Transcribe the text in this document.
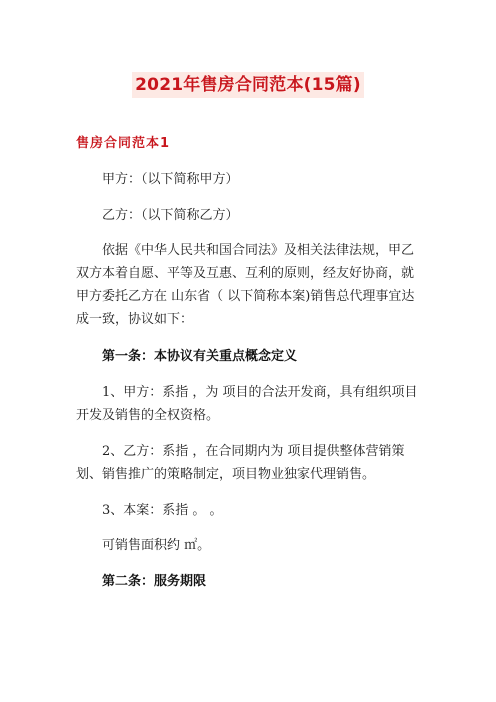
2021年售房合同范本(15篇)
售房合同范本1

甲方：（以下简称甲方）

乙方：（以下简称乙方）

依据《中华人民共和国合同法》及相关法律法规，甲乙双方本着自愿、平等及互惠、互利的原则，经友好协商，就甲方委托乙方在 山东省（ 以下简称本案)销售总代理事宜达成一致，协议如下：

第一条：本协议有关重点概念定义

1、甲方：系指 ，为 项目的合法开发商，具有组织项目开发及销售的全权资格。

2、乙方：系指 ，在合同期内为 项目提供整体营销策划、销售推广的策略制定，项目物业独家代理销售。

3、本案：系指 。 。

可销售面积约 ㎡。

第二条：服务期限
